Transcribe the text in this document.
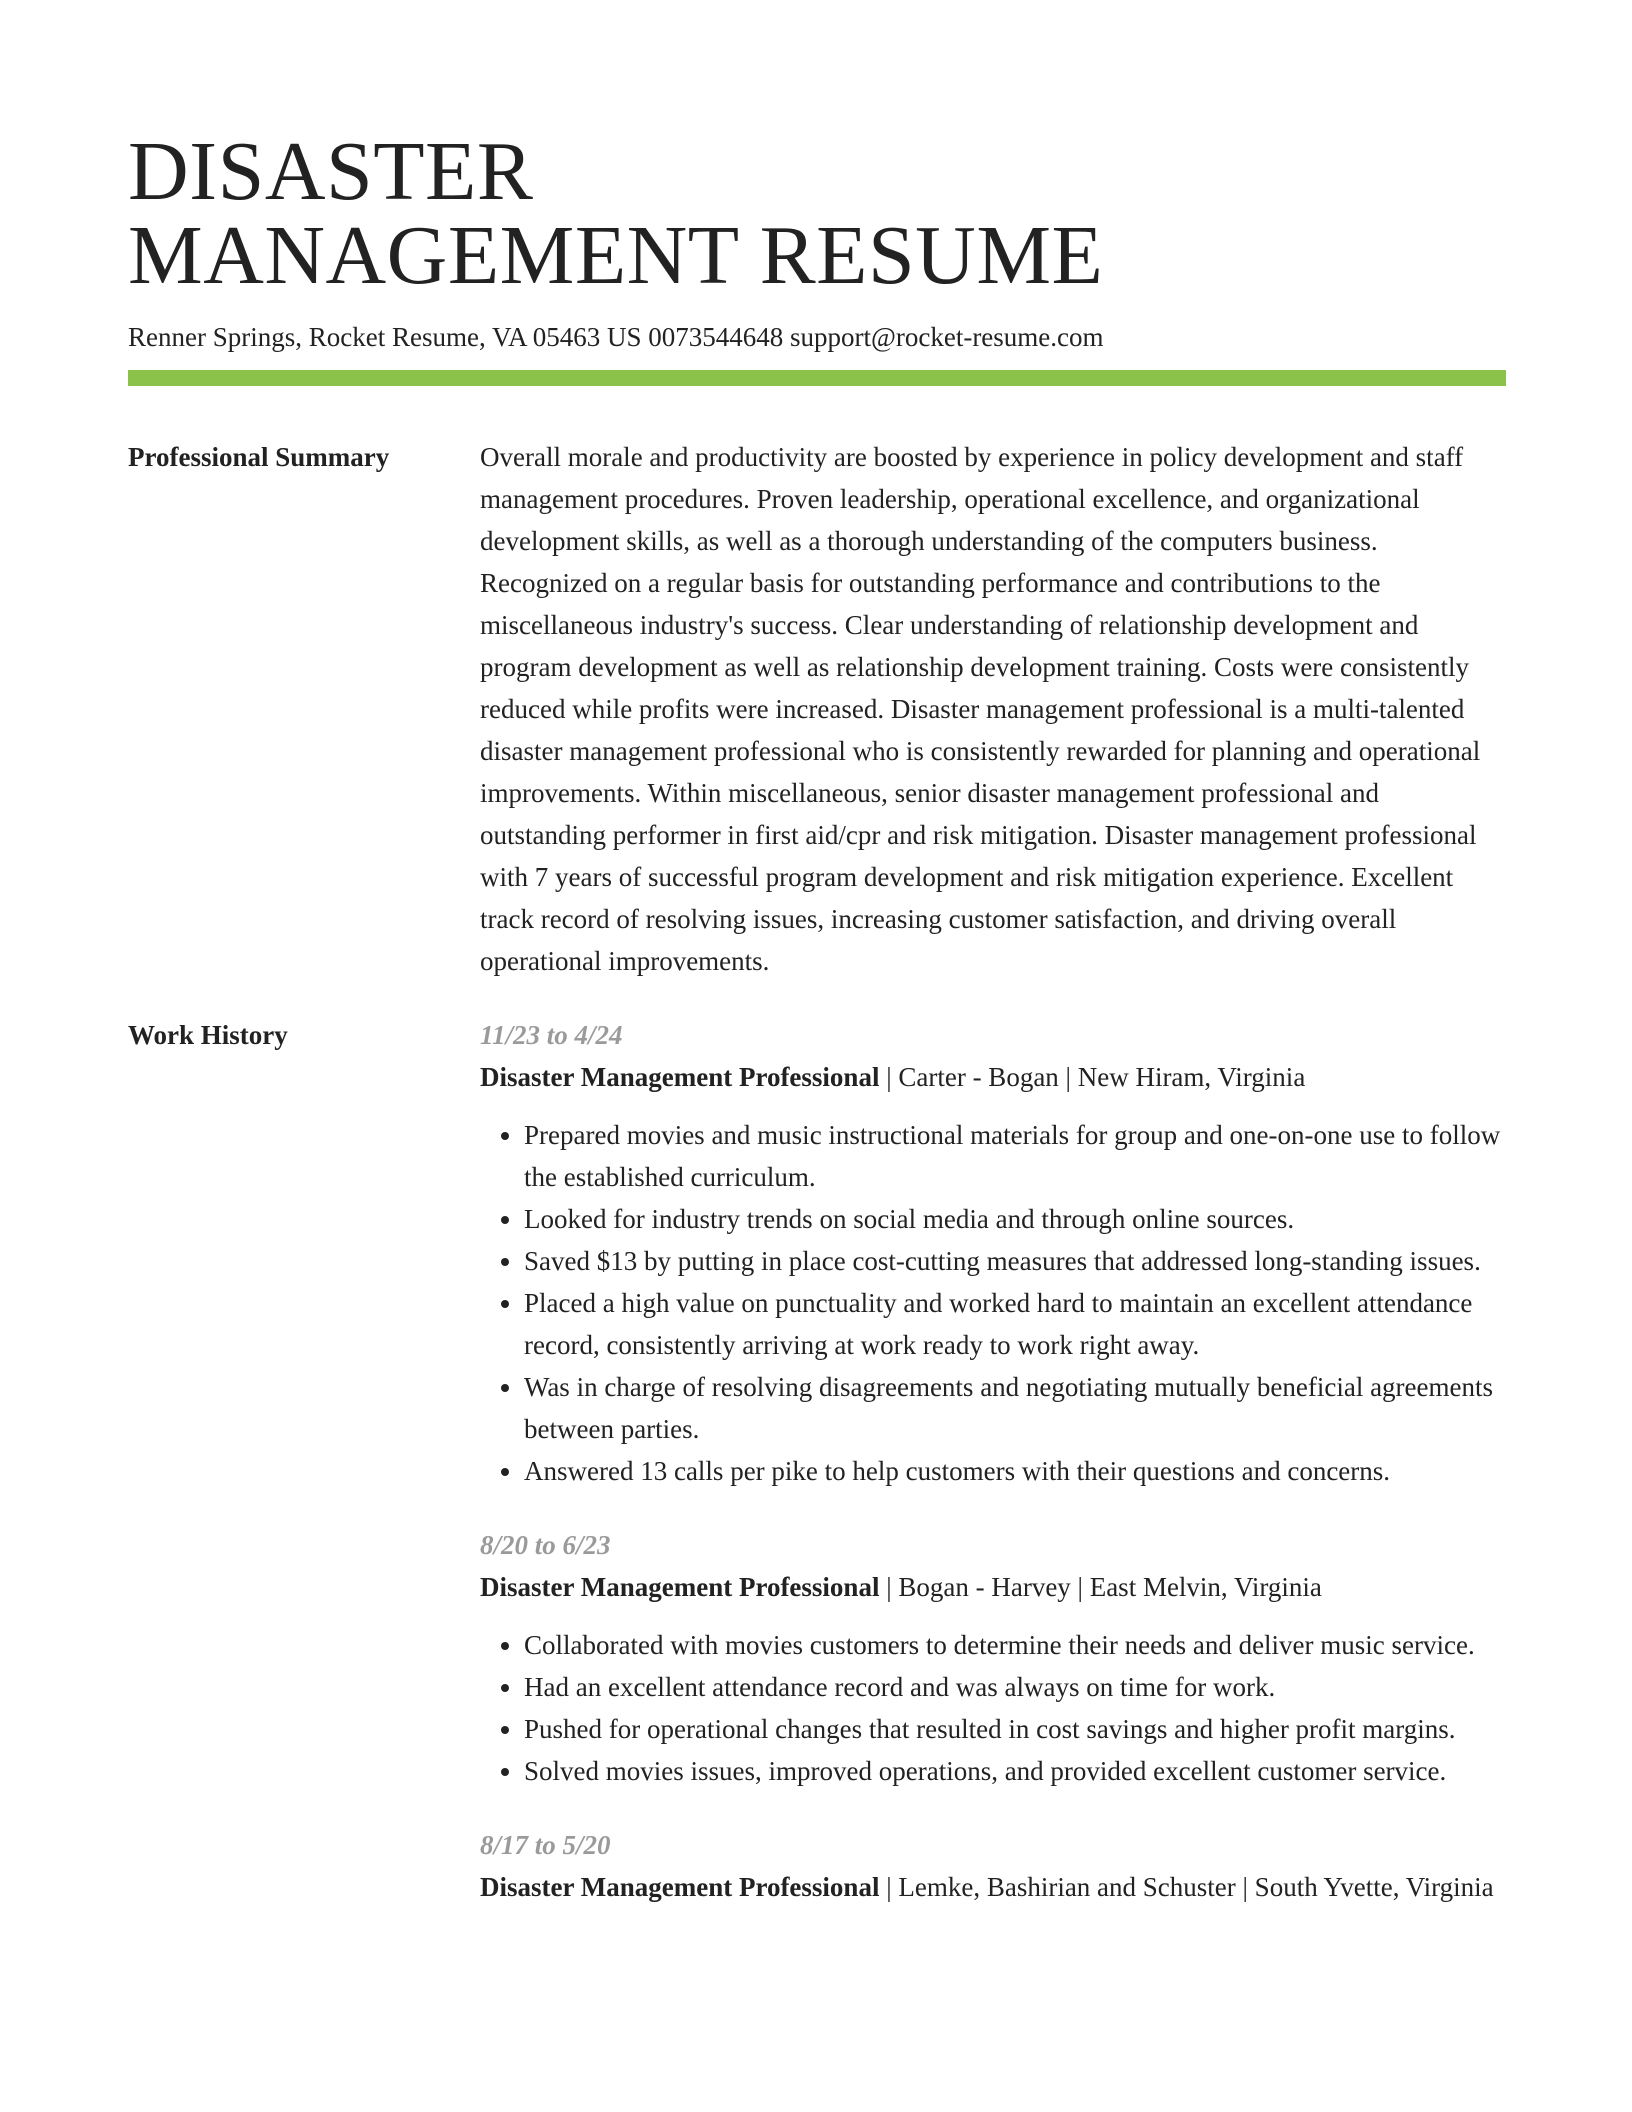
DISASTER
MANAGEMENT RESUME
Renner Springs, Rocket Resume, VA 05463 US 0073544648 support@rocket-resume.com
Professional Summary	Overall morale and productivity are boosted by experience in policy development and staff management procedures. Proven leadership, operational excellence, and organizational development skills, as well as a thorough understanding of the computers business. Recognized on a regular basis for outstanding performance and contributions to the miscellaneous industry's success. Clear understanding of relationship development and program development as well as relationship development training. Costs were consistently reduced while profits were increased. Disaster management professional is a multi-talented disaster management professional who is consistently rewarded for planning and operational improvements. Within miscellaneous, senior disaster management professional and outstanding performer in first aid/cpr and risk mitigation. Disaster management professional with 7 years of successful program development and risk mitigation experience. Excellent track record of resolving issues, increasing customer satisfaction, and driving overall operational improvements.

Work History	11/23 to 4/24
Disaster Management Professional | Carter - Bogan | New Hiram, Virginia
• Prepared movies and music instructional materials for group and one-on-one use to follow the established curriculum.
• Looked for industry trends on social media and through online sources.
• Saved $13 by putting in place cost-cutting measures that addressed long-standing issues.
• Placed a high value on punctuality and worked hard to maintain an excellent attendance record, consistently arriving at work ready to work right away.
• Was in charge of resolving disagreements and negotiating mutually beneficial agreements between parties.
• Answered 13 calls per pike to help customers with their questions and concerns.
8/20 to 6/23
Disaster Management Professional | Bogan - Harvey | East Melvin, Virginia
• Collaborated with movies customers to determine their needs and deliver music service.
• Had an excellent attendance record and was always on time for work.
• Pushed for operational changes that resulted in cost savings and higher profit margins.
• Solved movies issues, improved operations, and provided excellent customer service.
8/17 to 5/20
Disaster Management Professional | Lemke, Bashirian and Schuster | South Yvette, Virginia
